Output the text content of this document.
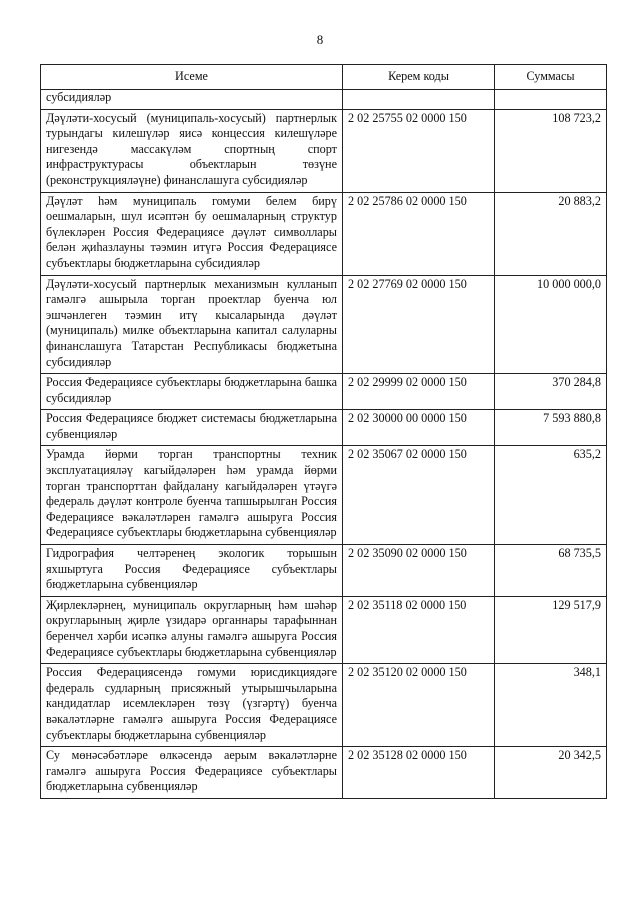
8
Исеме	Керем коды	Суммасы
субсидияләр		
Дәүләти-хосусый (муниципаль-хосусый) партнерлык турындагы килешүләр яисә концессия килешүләре нигезендә массакүләм спортның спорт инфраструктурасы объектларын төзүне (реконструкцияләүне) финанслашуга субсидияләр	2 02 25755 02 0000 150	108 723,2
Дәүләт һәм муниципаль гомуми белем бирү оешмаларын, шул исәптән бу оешмаларның структур бүлекләрен Россия Федерациясе дәүләт символлары белән җиһазлауны тәэмин итүгә Россия Федерациясе субъектлары бюджетларына субсидияләр	2 02 25786 02 0000 150	20 883,2
Дәүләти-хосусый партнерлык механизмын кулланып гамәлгә ашырыла торган проектлар буенча юл эшчәнлеген тәэмин итү кысаларында дәүләт (муниципаль) милке объектларына капитал салуларны финанслашуга Татарстан Республикасы бюджетына субсидияләр	2 02 27769 02 0000 150	10 000 000,0
Россия Федерациясе субъектлары бюджетларына башка субсидияләр	2 02 29999 02 0000 150	370 284,8
Россия Федерациясе бюджет системасы бюджетларына субвенцияләр	2 02 30000 00 0000 150	7 593 880,8
Урамда йөрми торган транспортны техник эксплуатацияләү кагыйдәләрен һәм урамда йөрми торган транспорттан файдалану кагыйдәләрен үтәүгә федераль дәүләт контроле буенча тапшырылган Россия Федерациясе вәкаләтләрен гамәлгә ашыруга Россия Федерациясе субъектлары бюджетларына субвенцияләр	2 02 35067 02 0000 150	635,2
Гидрография челтәренең экологик торышын яхшыртуга Россия Федерациясе субъектлары бюджетларына субвенцияләр	2 02 35090 02 0000 150	68 735,5
Җирлекләрнең, муниципаль округларның һәм шәһәр округларының җирле үзидарә органнары тарафыннан беренчел хәрби исәпкә алуны гамәлгә ашыруга Россия Федерациясе субъектлары бюджетларына субвенцияләр	2 02 35118 02 0000 150	129 517,9
Россия Федерациясендә гомуми юрисдикциядәге федераль судларның присяжный утырышчыларына кандидатлар исемлекләрен төзү (үзгәртү) буенча вәкаләтләрне гамәлгә ашыруга Россия Федерациясе субъектлары бюджетларына субвенцияләр	2 02 35120 02 0000 150	348,1
Су мөнәсәбәтләре өлкәсендә аерым вәкаләтләрне гамәлгә ашыруга Россия Федерациясе субъектлары бюджетларына субвенцияләр	2 02 35128 02 0000 150	20 342,5
